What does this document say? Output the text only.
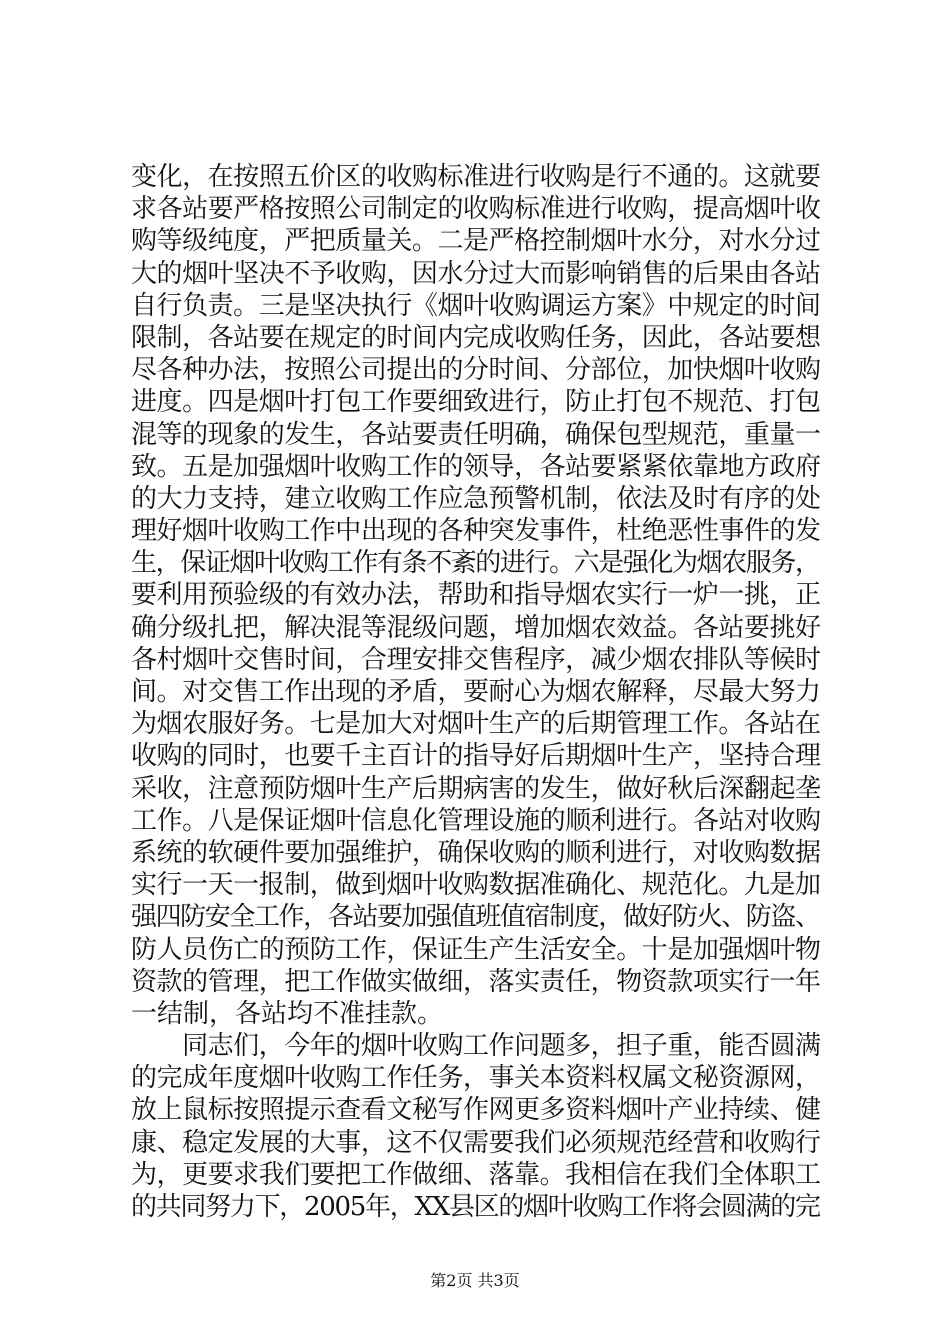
变化，在按照五价区的收购标准进行收购是行不通的。这就要
求各站要严格按照公司制定的收购标准进行收购，提高烟叶收
购等级纯度，严把质量关。二是严格控制烟叶水分，对水分过
大的烟叶坚决不予收购，因水分过大而影响销售的后果由各站
自行负责。三是坚决执行《烟叶收购调运方案》中规定的时间
限制，各站要在规定的时间内完成收购任务，因此，各站要想
尽各种办法，按照公司提出的分时间、分部位，加快烟叶收购
进度。四是烟叶打包工作要细致进行，防止打包不规范、打包
混等的现象的发生，各站要责任明确，确保包型规范，重量一
致。五是加强烟叶收购工作的领导，各站要紧紧依靠地方政府
的大力支持，建立收购工作应急预警机制，依法及时有序的处
理好烟叶收购工作中出现的各种突发事件，杜绝恶性事件的发
生，保证烟叶收购工作有条不紊的进行。六是强化为烟农服务，
要利用预验级的有效办法，帮助和指导烟农实行一炉一挑，正
确分级扎把，解决混等混级问题，增加烟农效益。各站要挑好
各村烟叶交售时间，合理安排交售程序，减少烟农排队等候时
间。对交售工作出现的矛盾，要耐心为烟农解释，尽最大努力
为烟农服好务。七是加大对烟叶生产的后期管理工作。各站在
收购的同时，也要千主百计的指导好后期烟叶生产，坚持合理
采收，注意预防烟叶生产后期病害的发生，做好秋后深翻起垄
工作。八是保证烟叶信息化管理设施的顺利进行。各站对收购
系统的软硬件要加强维护，确保收购的顺利进行，对收购数据
实行一天一报制，做到烟叶收购数据准确化、规范化。九是加
强四防安全工作，各站要加强值班值宿制度，做好防火、防盗、
防人员伤亡的预防工作，保证生产生活安全。十是加强烟叶物
资款的管理，把工作做实做细，落实责任，物资款项实行一年
一结制，各站均不准挂款。
　　同志们，今年的烟叶收购工作问题多，担子重，能否圆满
的完成年度烟叶收购工作任务，事关本资料权属文秘资源网，
放上鼠标按照提示查看文秘写作网更多资料烟叶产业持续、健
康、稳定发展的大事，这不仅需要我们必须规范经营和收购行
为，更要求我们要把工作做细、落靠。我相信在我们全体职工
的共同努力下，2005年，XX县区的烟叶收购工作将会圆满的完
第2页 共3页
